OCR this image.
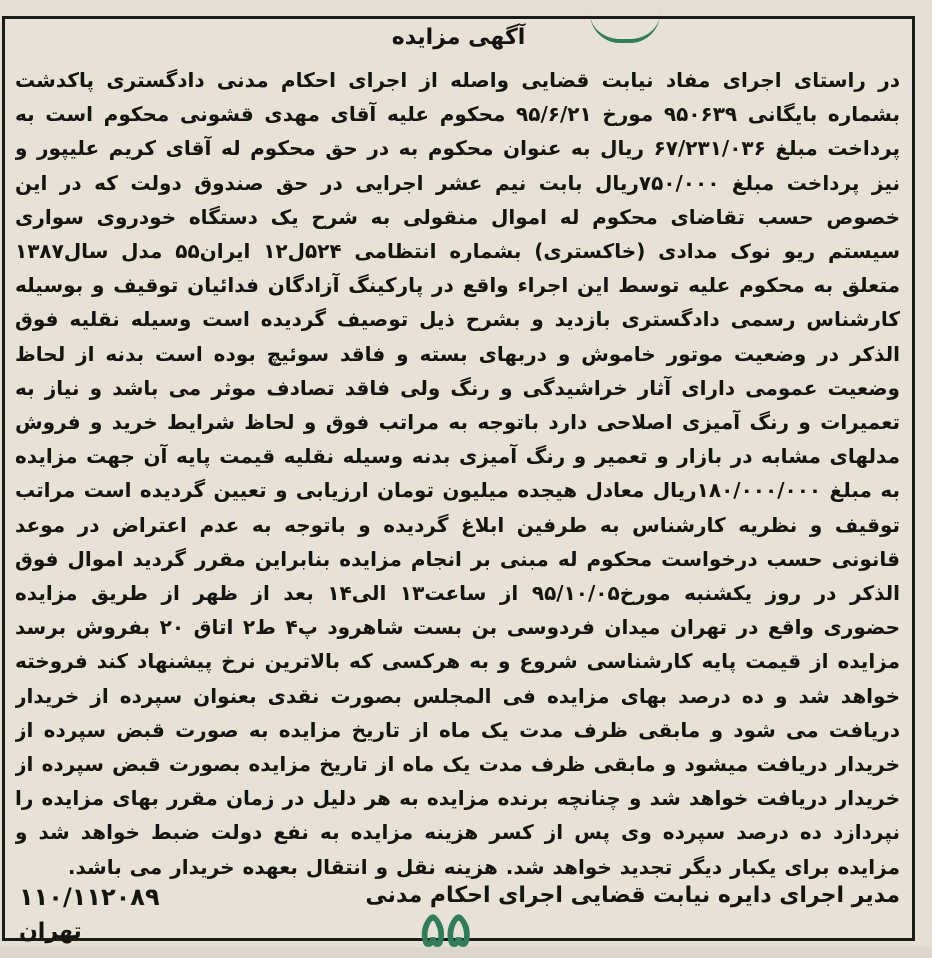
آگهی مزایده
در راستای اجرای مفاد نیابت قضایی واصله از اجرای احکام مدنی دادگستری پاکدشت بشماره بایگانی ۹۵۰۶۳۹ مورخ ۹۵/۶/۲۱ محکوم علیه آقای مهدی قشونی محکوم است به پرداخت مبلغ ۶۷/۲۳۱/۰۳۶ ریال به عنوان محکوم به در حق محکوم له آقای کریم علیپور و نیز پرداخت مبلغ ۷۵۰/۰۰۰ریال بابت نیم عشر اجرایی در حق صندوق دولت که در این خصوص حسب تقاضای محکوم له اموال منقولی به شرح یک دستگاه خودروی سواری سیستم ریو نوک مدادی (خاکستری) بشماره انتظامی ۵۲۴ل۱۲ ایران۵۵ مدل سال۱۳۸۷ متعلق به محکوم علیه توسط این اجراء واقع در پارکینگ آزادگان فدائیان توقیف و بوسیله کارشناس رسمی دادگستری بازدید و بشرح ذیل توصیف گردیده است وسیله نقلیه فوق الذکر در وضعیت موتور خاموش و دربهای بسته و فاقد سوئیچ بوده است بدنه از لحاظ وضعیت عمومی دارای آثار خراشیدگی و رنگ ولی فاقد تصادف موثر می باشد و نیاز به تعمیرات و رنگ آمیزی اصلاحی دارد باتوجه به مراتب فوق و لحاظ شرایط خرید و فروش مدلهای مشابه در بازار و تعمیر و رنگ آمیزی بدنه وسیله نقلیه قیمت پایه آن جهت مزایده به مبلغ ۱۸۰/۰۰۰/۰۰۰ریال معادل هیجده میلیون تومان ارزیابی و تعیین گردیده است مراتب توقیف و نظریه کارشناس به طرفین ابلاغ گردیده و باتوجه به عدم اعتراض در موعد قانونی حسب درخواست محکوم له مبنی بر انجام مزایده بنابراین مقرر گردید اموال فوق الذکر در روز یکشنبه مورخ۹۵/۱۰/۰۵ از ساعت۱۳ الی۱۴ بعد از ظهر از طریق مزایده حضوری واقع در تهران میدان فردوسی بن بست شاهرود پ۴ ط۲ اتاق ۲۰ بفروش برسد مزایده از قیمت پایه کارشناسی شروع و به هرکسی که بالاترین نرخ پیشنهاد کند فروخته خواهد شد و ده درصد بهای مزایده فی المجلس بصورت نقدی بعنوان سپرده از خریدار دریافت می شود و مابقی ظرف مدت یک ماه از تاریخ مزایده به صورت قبض سپرده از خریدار دریافت میشود و مابقی ظرف مدت یک ماه از تاریخ مزایده بصورت قبض سپرده از خریدار دریافت خواهد شد و چنانچه برنده مزایده به هر دلیل در زمان مقرر بهای مزایده را نپردازد ده درصد سپرده وی پس از کسر هزینه مزایده به نفع دولت ضبط خواهد شد و مزایده برای یکبار دیگر تجدید خواهد شد. هزینه نقل و انتقال بعهده خریدار می باشد.
مدیر اجرای دایره نیابت قضایی اجرای احکام مدنی
۱۱۰/۱۱۲۰۸۹
تهران	۵۵
